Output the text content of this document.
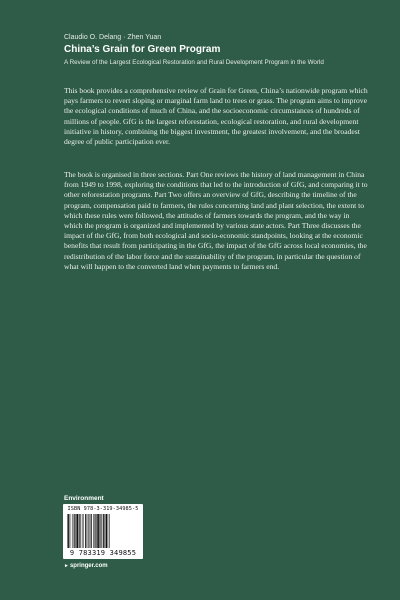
Claudio O. Delang · Zhen Yuan
China’s Grain for Green Program
A Review of the Largest Ecological Restoration and Rural Development Program in the World

This book provides a comprehensive review of Grain for Green, China’s nationwide program which pays farmers to revert sloping or marginal farm land to trees or grass. The program aims to improve the ecological conditions of much of China, and the socioeconomic circumstances of hundreds of millions of people. GfG is the largest reforestation, ecological restoration, and rural development initiative in history, combining the biggest investment, the greatest involvement, and the broadest degree of public participation ever.

The book is organised in three sections. Part One reviews the history of land management in China from 1949 to 1998, exploring the conditions that led to the introduction of GfG, and comparing it to other reforestation programs. Part Two offers an overview of GfG, describing the timeline of the program, compensation paid to farmers, the rules concerning land and plant selection, the extent to which these rules were followed, the attitudes of farmers towards the program, and the way in which the program is organized and implemented by various state actors. Part Three discusses the impact of the GfG, from both ecological and socio-economic standpoints, looking at the economic benefits that result from participating in the GfG, the impact of the GfG across local economies, the redistribution of the labor force and the sustainability of the program, in particular the question of what will happen to the converted land when payments to farmers end.

Environment
ISBN 978-3-319-34985-5
9 783319 349855
►springer.com
